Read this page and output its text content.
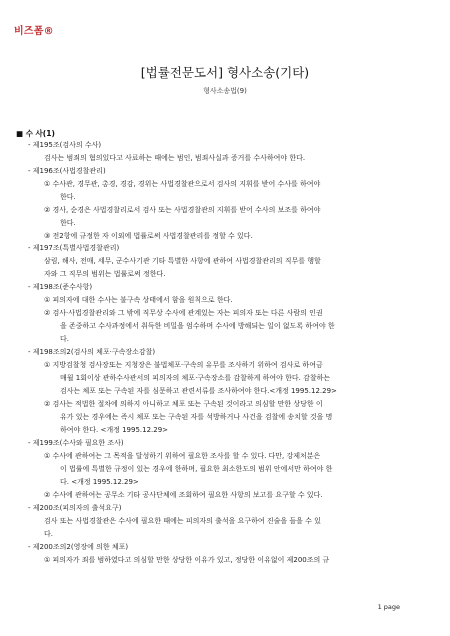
비즈폼®
[법률전문도서] 형사소송(기타)
형사소송법(9)
■ 수 사(1)
- 제195조(검사의 수사)
검사는 범죄의 혐의있다고 사료하는 때에는 범인, 범죄사실과 증거를 수사하여야 한다.
- 제196조(사법경찰관리)
① 수사관, 경무관, 총경, 경감, 경위는 사법경찰관으로서 검사의 지휘를 받어 수사를 하여야
한다.
② 경사, 순경은 사법경찰리로서 검사 또는 사법경찰관의 지휘를 받어 수사의 보조를 하여야
한다.
③ 전2항에 규정한 자 이외에 법률로써 사법경찰관리를 정할 수 있다.
- 제197조(특별사법경찰관리)
삼림, 해사, 전매, 세무, 군수사기관 기타 특별한 사항에 관하여 사법경찰관리의 직무를 행할
자와 그 직무의 범위는 법률로써 정한다.
- 제198조(준수사항)
① 피의자에 대한 수사는 불구속 상태에서 함을 원칙으로 한다.
② 검사·사법경찰관리와 그 밖에 직무상 수사에 관계있는 자는 피의자 또는 다른 사람의 인권
을 존중하고 수사과정에서 취득한 비밀을 엄수하며 수사에 방해되는 일이 없도록 하여야 한
다.
- 제198조의2(검사의 체포·구속장소감찰)
① 지방검찰청 검사장또는 지청장은 불법체포·구속의 유무를 조사하기 위하여 검사로 하여금
매월 1회이상 관하수사관서의 피의자의 체포·구속장소를 감찰하게 하여야 한다. 감찰하는
검사는 체포 또는 구속된 자를 심문하고 관련서류를 조사하여야 한다.<개정 1995.12.29>
② 검사는 적법한 절차에 의하지 아니하고 체포 또는 구속된 것이라고 의심할 만한 상당한 이
유가 있는 경우에는 즉시 체포 또는 구속된 자를 석방하거나 사건을 검찰에 송치할 것을 명
하여야 한다. <개정 1995.12.29>
- 제199조(수사와 필요한 조사)
① 수사에 관하여는 그 목적을 달성하기 위하여 필요한 조사를 할 수 있다. 다만, 강제처분은
이 법률에 특별한 규정이 있는 경우에 한하며, 필요한 최소한도의 범위 안에서만 하여야 한
다. <개정 1995.12.29>
② 수사에 관하여는 공무소 기타 공사단체에 조회하여 필요한 사항의 보고를 요구할 수 있다.
- 제200조(피의자의 출석요구)
검사 또는 사법경찰관은 수사에 필요한 때에는 피의자의 출석을 요구하여 진술을 들을 수 있
다.
- 제200조의2(영장에 의한 체포)
① 피의자가 죄를 범하였다고 의심할 만한 상당한 이유가 있고, 정당한 이유없이 제200조의 규
1 page
